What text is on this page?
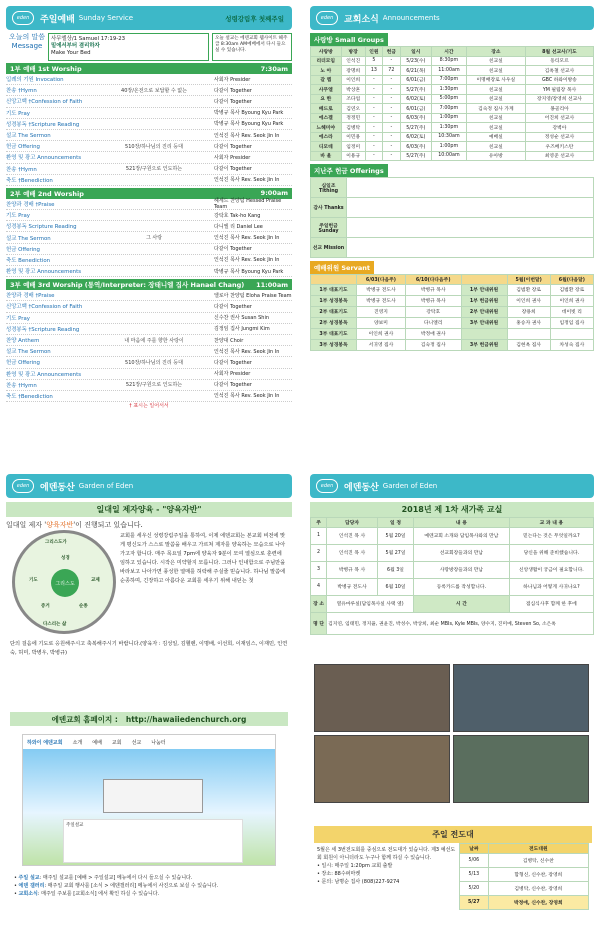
eden	주일예배 Sunday Service	성령강림후 첫째주일
오늘의 말씀
Message
사무엘상/1 Samuel 17:19-23
밑에서부터 겸리하자
Make Your Bed
오늘 설교는 에덴교회 웹사이트 헤주 급 8:30am AM예배에서 다시 들으실 수 있습니다.
1부 예배 1st Worship	7:30am
입례의 기원 Invocation	사회자 Presider
찬송 †Hymn	40장/온전으로 보답할 수 없는	다같이 Together
신앙고백 †Confession of Faith	다같이 Together
기도 Pray	박병규 목사 Byoung Kyu Park
성경봉독 †Scripture Reading	박병규 목사 Byoung Kyu Park
설교 The Sermon	인석진 목사 Rev. Seok Jin In
헌금 Offering	510장/하나님의 진리 등대	다같이 Together
환영 및 광고 Announcements	사회자 Presider
찬송 †Hymn	521장/구원으로 인도하는	다같이 Together
축도 †Benediction	인석진 목사 Rev. Seok Jin In
2부 예배 2nd Worship	9:00am
찬양과 경배 †Praise
헤세드 찬양팀 Hessed Praise Team
기도 Pray	강탁호 Tak-ho Kang
성경봉독 Scripture Reading	다니엘 리 Daniel Lee
설교 The Sermon	그 사랑	인석진 목사 Rev. Seok Jin In
헌금 Offering	다같이 Together
축도 Benediction	인석진 목사 Rev. Seok Jin In
환영 및 광고 Announcements	박병규 목사 Byoung Kyu Park
3부 예배 3rd Worship (통역/Interpreter: 장태니엘 집사 Hanael Chang) 11:00am
찬양과 경배 †Praise	엘로아 찬양팀 Eloha Praise Team
신앙고백 †Confession of Faith	다같이 Together
기도 Pray	신수찬 권사 Susan Shin
성경봉독 †Scripture Reading	김정임 집사 Jungmi Kim
찬양 Anthem	내 마음에 주를 향한 사랑이	찬양대 Choir
설교 The Sermon	인석진 목사 Rev. Seok Jin In
헌금 Offering	510장/하나님의 진리 등대	다같이 Together
환영 및 광고 Announcements	사회자 Presider
찬송 †Hymn	521장/구원으로 인도하는	다같이 Together
축도 †Benediction	인석진 목사 Rev. Seok Jin In
† 표시는 일어서서
eden	교회소식 Announcements
사랑방 Small Groups
사랑방	방장	인원	헌금	일시	시간	장소	8월 선교사/기도
리더모임	인석진	5	-	5/23(수)	8:30pm	친교실	동티모르
노 아	장명희	13	72	6/21(목)	11:00am	친교실	김옥철 선교사
갈 렙	이인희	-	-	6/01(금)	7:00pm	이명배장로 사우실	GBC 하와이방송
사무엘	박상흔	-	-	5/27(주)	1:30pm	친교실	YM 필립장 목사
요 한	조다업	-	-	6/02(토)	5:00pm	친교실	장지영/장영희 선교사
베드로	김연오	-	-	6/01(금)	7:00pm	김숙정 집사 가계	몽골리아
에스겔	정정민	-	-	6/03(주)	1:00pm	친교실	어진희 선교사
느헤미야	김병탁	-	-	5/27(주)	1:30pm	친교실	강벽아
에스라	이민용	-	-	6/02(토)	10:30am	예배실	정성순 선교사
디모데	임정미	-	-	6/03(주)	1:00pm	친교실	우즈베키스탄
바 울	이용규	-	-	5/27(주)	10:00am	유아방	최영준 선교사
지난주 헌금 Offerings
십일조 Tithing	
감사 Thanks	
주일헌금 Sunday	
선교 Mission	
예배위원 Servant
	6/03(다음주)	6/10(다다음주)		5월(이번달)	6월(다음달)
1부 대표기도	박병규 전도사	박병규 목사	1부 안내위원	김범환 장로	김범환 장로
1부 성경봉독	박병규 전도사	박병규 목사	1부 헌금위원	이인희 권사	이인희 권사
2부 대표기도	진영지	강탁호	2부 안내위원	장용희	데이빗 리
2부 성경봉독	양보미	다니엘리	3부 안내위원	홍승자 권사	임정임 집사
3부 대표기도	이인희 권사	박정애 권사			
3부 성경봉독	서귀영 집사	김숙정 집사	3부 헌금위원	김현옥 집사	차성숙 집사
eden	에덴동산 Garden of Eden
일대일 제자양육 - "양육자반"
일대일 제자 '양육자반'이 진행되고 있습니다.
그리스도가
성경
기도	교제
증거	순종
그리스도
다스리는 삶
교회를 세우신 성령강림주일을 통하여, 이제 에덴교회는 본교회 비전에 맞게 평신도가 스스로 말씀을 배우고 가르쳐 제자를 양육하는 모습으로 나아가고자 합니다. 매주 목요일 7pm에 양육자 9분이 모여 열심으로 훈련에 임하고 있습니다. 시작은 미약할지 모릅니다. 그러나 인내함으로 주님만을 바라보고 나아가면 풍성한 열매를 허락해 주실줄 믿습니다. 하나님 말씀에 순종하며, 긴장하고 아름다운 교회를 세우기 위해 내딛는 첫
단의 걸음에 기도로 응원해주시고 축복해주시기 바랍니다.(양육자 : 김성일, 김헬렌, 이명배, 이선희, 이재임스, 이재민, 인연숙, 허미, 박병우, 박병규)
에덴교회 홈페이지 : http://hawaiiedenchurch.org
하와이 에덴교회 소개 예배 교회 선교 나눔터
주일설교
• 주일 설교: 매주일 설교를 [예배 > 주일설교] 메뉴에서 다시 들으실 수 있습니다.
• 에덴 갤러리: 매주일 교회 행사를 [소식 > 에덴갤러리] 메뉴에서 사진으로 보실 수 있습니다.
• 교회소식: 매주일 주보를 [교회소식] 에서 확인 하실 수 있습니다.
eden	에덴동산 Garden of Eden
2018년 제 1차 새가족 교실
주	담당자	일 정	내 용	교 과 내 용
1	인석진 목 사	5월 20일	예덴교회 소개와 담임목사와의 만남	믿는다는 것은 무엇일까요?
2	인석진 목 사	5월 27일	선교회장들과의 만남	당신을 위해 준비했습니다.
3	박병규 목 사	6월 3일	사랑방장들과의 만남	신앙생활이 궁금이 필요합니다.
4	박병규 전도사	6월 10일	등록카드를 작성합니다.	하나님과 어떻게 사귀나요?
장 소	열유마루실(담임목사실 사택 옆)		시 간	점심식사후 함께 한 후에
명 단	김지연, 임태민, 정지율, 권윤진, 박성수, 박상희, 최순 MBIs, Kyle MBIs, 양수지, 진미예, Steven So, 소은옥			
주일 전도대
5월은 세 3번전도회를 중심으로 전도대가 있습니다. 제3 예선도회 회원이 아니더라도 누구나 함께 하실 수 있습니다.
• 일시: 매주일 1:20pm 교회 출발
• 장소: 88수퍼마켓
• 문의: 남명순 집사 (808)227-9274
날짜	전도대원
5/06	김병탁, 신수찬
5/13	함형신, 신수찬, 장영희
5/20	김병탁, 신수찬, 장영희
5/27	박정애, 신수찬, 장영희
